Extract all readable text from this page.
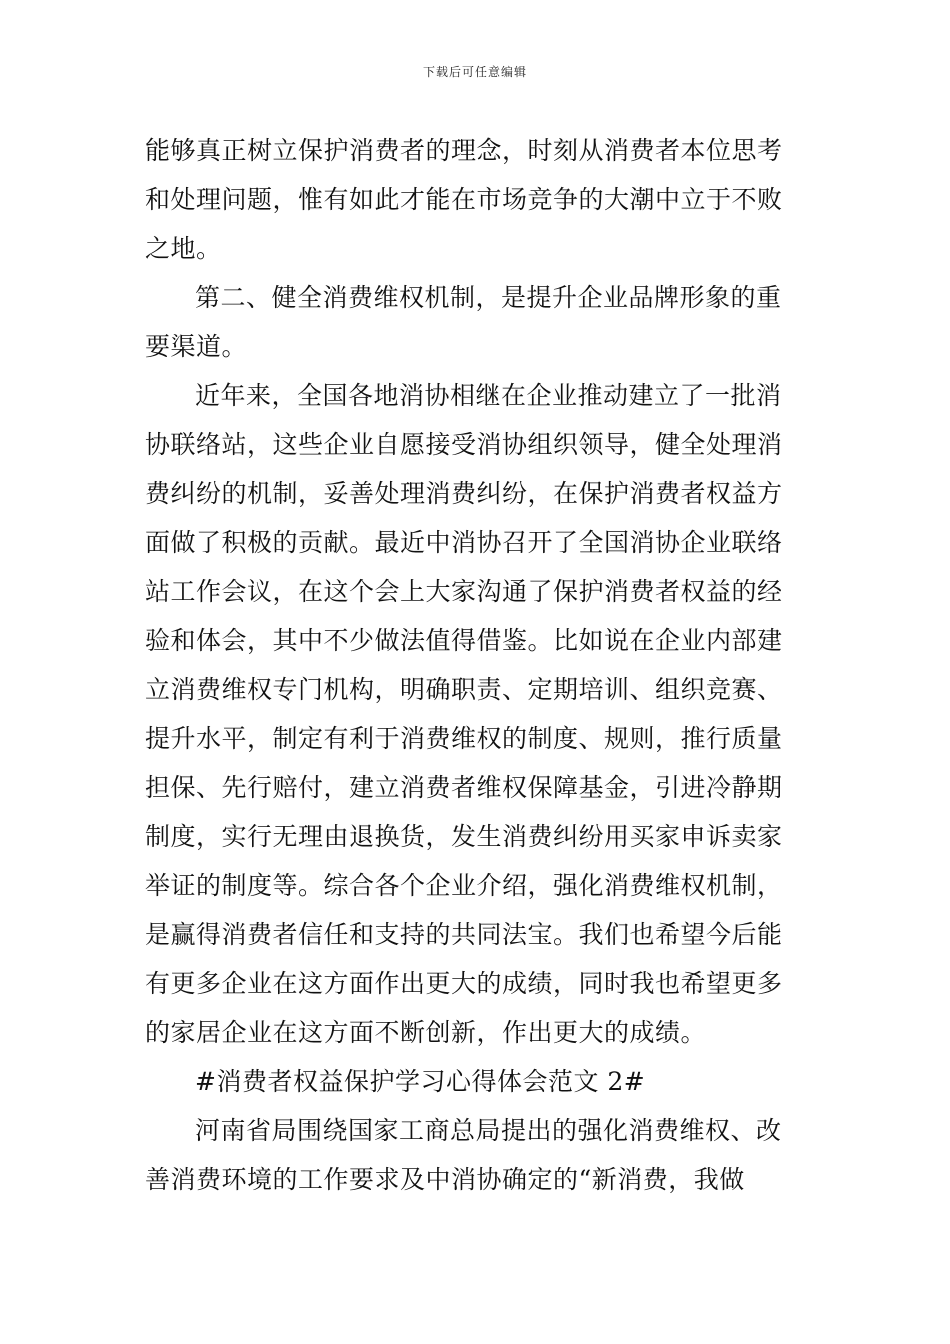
下载后可任意编辑
能够真正树立保护消费者的理念，时刻从消费者本位思考
和处理问题，惟有如此才能在市场竞争的大潮中立于不败
之地。
第二、健全消费维权机制，是提升企业品牌形象的重
要渠道。
近年来，全国各地消协相继在企业推动建立了一批消
协联络站，这些企业自愿接受消协组织领导，健全处理消
费纠纷的机制，妥善处理消费纠纷，在保护消费者权益方
面做了积极的贡献。最近中消协召开了全国消协企业联络
站工作会议，在这个会上大家沟通了保护消费者权益的经
验和体会，其中不少做法值得借鉴。比如说在企业内部建
立消费维权专门机构，明确职责、定期培训、组织竞赛、
提升水平，制定有利于消费维权的制度、规则，推行质量
担保、先行赔付，建立消费者维权保障基金，引进冷静期
制度，实行无理由退换货，发生消费纠纷用买家申诉卖家
举证的制度等。综合各个企业介绍，强化消费维权机制，
是赢得消费者信任和支持的共同法宝。我们也希望今后能
有更多企业在这方面作出更大的成绩，同时我也希望更多
的家居企业在这方面不断创新，作出更大的成绩。
#消费者权益保护学习心得体会范文 2#
河南省局围绕国家工商总局提出的强化消费维权、改
善消费环境的工作要求及中消协确定的“新消费，我做
